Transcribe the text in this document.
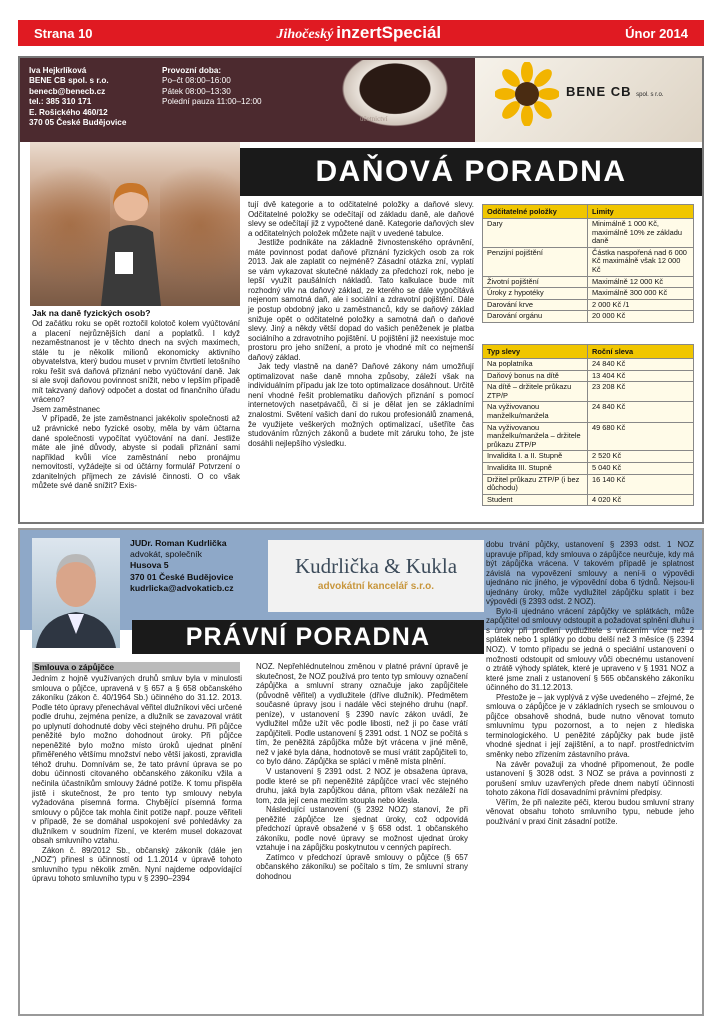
Strana 10	Jihočeský inzertSpeciál	Únor 2014
Iva Hejkrlíková
BENE CB spol. s r.o.
benecb@benecb.cz
tel.: 385 310 171
E. Rošického 460/12
370 05 České Budějovice
Provozní doba:
Po–čt 08:00–16:00
Pátek 08:00–13:30
Polední pauza 11:00–12:00
účetnictví
BENE CB spol. s r.o.
DAŇOVÁ PORADNA
Jak na daně fyzických osob?

Od začátku roku se opět roztočil kolotoč kolem vyúčtování a placení nejrůznějších daní a poplatků. I když nezaměstnanost je v těchto dnech na svých maximech, stále tu je několik milionů ekonomicky aktivního obyvatelstva, který budou muset v prvním čtvrtletí letošního roku řešit svá daňová přiznání nebo vyúčtování daně. Jak si ale svoji daňovou povinnost snížit, nebo v lepším případě mít takzvaný daňový odpočet a dostat od finančního úřadu vráceno?

Jsem zaměstnanec

V případě, že jste zaměstnanci jakékoliv společnosti až už právnické nebo fyzické osoby, měla by vám účtarna dané společnosti vypočítat vyúčtování na daní. Jestliže máte ale jiné důvody, abyste si podali přiznání sami například kvůli více zaměstnání nebo pronájmu nemovitostí, vyžádejte si od účtárny formulář Potvrzení o zdanitelných příjmech ze závislé činnosti. O co však můžete své daně snížit? Exis-

tují dvě kategorie a to odčitatelné položky a daňové slevy. Odčitatelné položky se odečítají od základu daně, ale daňové slevy se odečítají již z vypočtené daně. Kategorie daňových slev a odčitatelných položek můžete najít v uvedené tabulce.

Jestliže podnikáte na základně živnostenského oprávnění, máte povinnost podat daňové přiznání fyzických osob za rok 2013. Jak ale zaplatit co nejméně? Zásadní otázka zní, vyplatí se vám vykazovat skutečné náklady za předchozí rok, nebo je lepší využít paušálních nákladů. Tato kalkulace bude mít rozhodný vliv na daňový základ, ze kterého se dále vypočítává nejenom samotná daň, ale i sociální a zdravotní pojištění. Dále je postup obdobný jako u zaměstnanců, kdy se daňový základ snižuje opět o odčitatelné položky a samotná daň o daňové slevy. Jiný a někdy větší dopad do vašich peněženek je platba sociálního a zdravotního pojištění. U pojištění již neexistuje moc prostoru pro jeho snížení, a proto je vhodné mít co nejmenší daňový základ.

Jak tedy vlastně na daně? Daňové zákony nám umožňují optimalizovat naše daně mnoha způsoby, záleží však na individuálním případu jak lze toto optimalizace dosáhnout. Určitě není vhodné řešit problematiku daňových přiznání s pomocí internetových nasetpávačů, či si je dělat jen se základními znalostmi. Světení vašich daní do rukou profesionálů znamená, že využijete veškerých možných optimalizací, ušetříte čas studováním různých zákonů a budete mít záruku toho, že jste dosáhli nejlepšího výsledku.

Odčitatelné položky	Limity
Dary	Minimálně 1 000 Kč, maximálně 10% ze základu daně
Penzijní pojištění	Částka naspořená nad 6 000 Kč maximálně však 12 000 Kč
Životní pojištění	Maximálně 12 000 Kč
Úroky z hypotéky	Maximálně 300 000 Kč
Darování krve	2 000 Kč /1
Darování orgánu	20 000 Kč
Typ slevy	Roční sleva
Na poplatníka	24 840 Kč
Daňový bonus na dítě	13 404 Kč
Na dítě – držitele průkazu ZTP/P	23 208 Kč
Na vyživovanou manželku/manžela	24 840 Kč
Na vyživovanou manželku/manžela – držitele průkazu ZTP/P	49 680 Kč
Invalidita I. a II. Stupně	2 520 Kč
Invalidita III. Stupně	5 040 Kč
Držitel průkazu ZTP/P (i bez důchodu)	16 140 Kč
Student	4 020 Kč
JUDr. Roman Kudrlička
advokát, společník
Husova 5
370 01 České Budějovice
kudrlicka@advokaticb.cz
Kudrlička & Kukla
advokátní kancelář s.r.o.
PRÁVNÍ PORADNA
Smlouva o zápůjčce

Jedním z hojně využívaných druhů smluv byla v minulosti smlouva o půjčce, upravená v § 657 a § 658 občanského zákoníku (zákon č. 40/1964 Sb.) účinného do 31.12. 2013. Podle této úpravy přenechával věřitel dlužníkovi věci určené podle druhu, zejména peníze, a dlužník se zavazoval vrátit po uplynutí dohodnuté doby věci stejného druhu. Při půjčce peněžité bylo možno dohodnout úroky. Při půjčce nepeněžité bylo možno místo úroků ujednat plnění přiměřeného většímu množství nebo větší jakosti, zpravidla téhož druhu. Domnívám se, že tato právní úprava se po dobu účinnosti citovaného občanského zákoníku vžila a nečinila účastníkům smlouvy žádné potíže. K tomu přispěla jistě i skutečnost, že pro tento typ smlouvy nebyla vyžadována písemná forma. Chybějící písemná forma smlouvy o půjčce tak mohla činit potíže např. pouze věřiteli v případě, že se domáhal uspokojení své pohledávky za dlužníkem v soudním řízení, ve kterém musel dokazovat obsah smluvního vztahu.

Zákon č. 89/2012 Sb., občanský zákoník (dále jen „NOZ“) přinesl s účinností od 1.1.2014 v úpravě tohoto smluvního typu několik změn. Nyní najdeme odpovídající úpravu tohoto smluvního typu v § 2390–2394

NOZ. Nepřehlédnutelnou změnou v platné právní úpravě je skutečnost, že NOZ používá pro tento typ smlouvy označení zápůjčka a smluvní strany označuje jako zapůjčitele (původně věřitel) a vydlužitele (dříve dlužník). Předmětem současné úpravy jsou i nadále věci stejného druhu (např. peníze), v ustanovení § 2390 navíc zákon uvádí, že vydlužitel může užít věc podle libosti, než ji po čase vrátí zapůjčiteli. Podle ustanovení § 2391 odst. 1 NOZ se počítá s tím, že peněžitá zápůjčka může být vrácena v jiné měně, než v jaké byla dána, hodnotově se musí vrátit zapůjčiteli to, co bylo dáno. Zápůjčka se splácí v měně místa plnění.

V ustanovení § 2391 odst. 2 NOZ je obsažena úprava, podle které se při nepeněžité zápůjčce vrací věc stejného druhu, jaká byla zapůjčkou dána, přitom však nezáleží na tom, zda její cena mezitím stoupla nebo klesla.

Následující ustanovení (§ 2392 NOZ) stanoví, že při peněžité zápůjčce lze sjednat úroky, což odpovídá předchozí úpravě obsažené v § 658 odst. 1 občanského zákoníku, podle nové úpravy se možnost ujednat úroky vztahuje i na zápůjčku poskytnutou v cenných papírech.

Zatímco v předchozí úpravě smlouvy o půjčce (§ 657 občanského zákoníku) se počítalo s tím, že smluvní strany dohodnou

dobu trvání půjčky, ustanovení § 2393 odst. 1 NOZ upravuje případ, kdy smlouva o zápůjčce neurčuje, kdy má být zápůjčka vrácena. V takovém případě je splatnost závislá na vypovězení smlouvy a není-li o výpovědi ujednáno nic jiného, je výpovědní doba 6 týdnů. Nejsou-li ujednány úroky, může vydlužitel zápůjčku splatit i bez výpovědi (§ 2393 odst. 2 NOZ).

Bylo-li ujednáno vrácení zápůjčky ve splátkách, může zapůjčitel od smlouvy odstoupit a požadovat splnění dluhu i s úroky při prodlení vydlužitele s vrácením více než 2 splátek nebo 1 splátky po dobu delší než 3 měsíce (§ 2394 NOZ). V tomto případu se jedná o speciální ustanovení o možnosti odstoupit od smlouvy vůči obecnému ustanovení o ztrátě výhody splátek, které je upraveno v § 1931 NOZ a které jsme znali z ustanovení § 565 občanského zákoníku účinného do 31.12.2013.

Přestože je – jak vyplývá z výše uvedeného – zřejmé, že smlouva o zápůjčce je v základních rysech se smlouvou o půjčce obsahově shodná, bude nutno věnovat tomuto smluvnímu typu pozornost, a to nejen z hlediska terminologického. U peněžité zápůjčky pak bude jistě vhodné sjednat i její zajištění, a to např. prostřednictvím směnky nebo zřízením zástavního práva.

Na závěr považuji za vhodné připomenout, že podle ustanovení § 3028 odst. 3 NOZ se práva a povinnosti z porušení smluv uzavřených přede dnem nabytí účinnosti tohoto zákona řídí dosavadními právními předpisy.

Věřím, že při nalezite péči, kterou budou smluvní strany věnovat obsahu tohoto smluvního typu, nebude jeho používání v praxi činit zásadní potíže.
